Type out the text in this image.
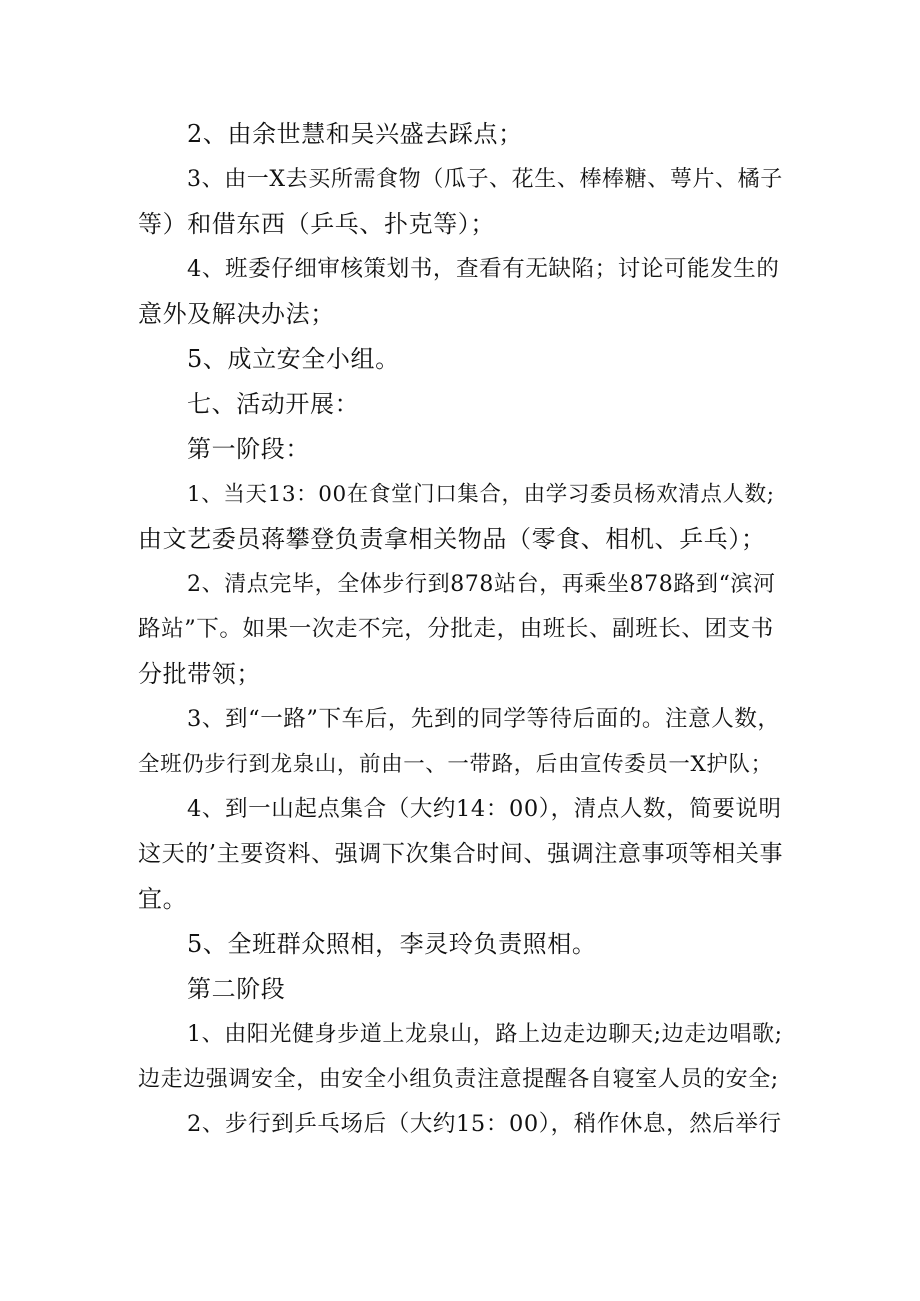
2、由余世慧和吴兴盛去踩点；
3、由一X去买所需食物（瓜子、花生、棒棒糖、萼片、橘子
等）和借东西（乒乓、扑克等）；
4、班委仔细审核策划书，查看有无缺陷；讨论可能发生的
意外及解决办法；
5、成立安全小组。
七、活动开展：
第一阶段：
1、当天13：00在食堂门口集合，由学习委员杨欢清点人数;
由文艺委员蒋攀登负责拿相关物品（零食、相机、乒乓）；
2、清点完毕，全体步行到878站台，再乘坐878路到“滨河
路站”下。如果一次走不完，分批走，由班长、副班长、团支书
分批带领；
3、到“一路”下车后，先到的同学等待后面的。注意人数，
全班仍步行到龙泉山，前由一、一带路，后由宣传委员一X护队；
4、到一山起点集合（大约14：00），清点人数，简要说明
这天的’主要资料、强调下次集合时间、强调注意事项等相关事
宜。
5、全班群众照相，李灵玲负责照相。
第二阶段
1、由阳光健身步道上龙泉山，路上边走边聊天;边走边唱歌;
边走边强调安全，由安全小组负责注意提醒各自寝室人员的安全;
2、步行到乒乓场后（大约15：00），稍作休息，然后举行
